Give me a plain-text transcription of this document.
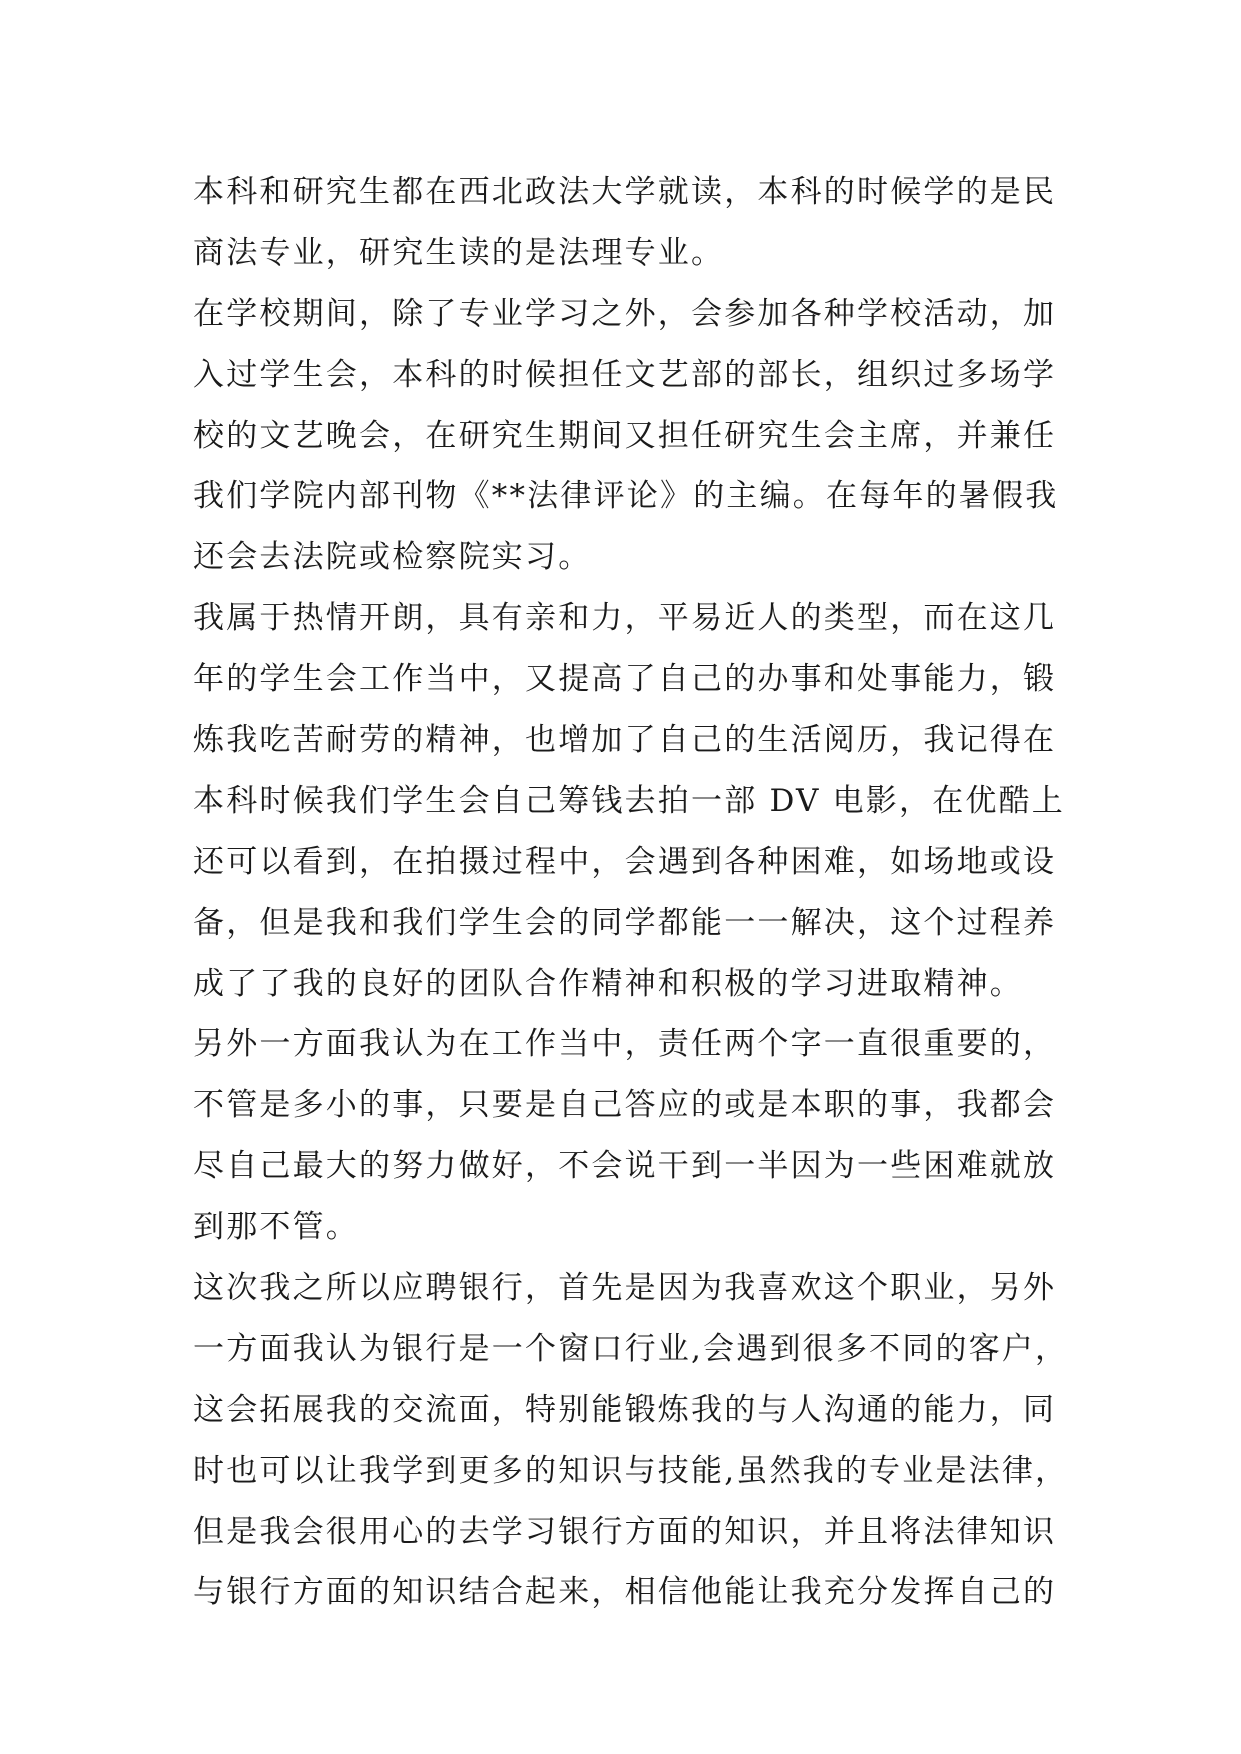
本科和研究生都在西北政法大学就读，本科的时候学的是民
商法专业，研究生读的是法理专业。
在学校期间，除了专业学习之外，会参加各种学校活动，加
入过学生会，本科的时候担任文艺部的部长，组织过多场学
校的文艺晚会，在研究生期间又担任研究生会主席，并兼任
我们学院内部刊物《**法律评论》的主编。在每年的暑假我
还会去法院或检察院实习。
我属于热情开朗，具有亲和力，平易近人的类型，而在这几
年的学生会工作当中，又提高了自己的办事和处事能力，锻
炼我吃苦耐劳的精神，也增加了自己的生活阅历，我记得在
本科时候我们学生会自己筹钱去拍一部 DV 电影，在优酷上
还可以看到，在拍摄过程中，会遇到各种困难，如场地或设
备，但是我和我们学生会的同学都能一一解决，这个过程养
成了了我的良好的团队合作精神和积极的学习进取精神。
另外一方面我认为在工作当中，责任两个字一直很重要的，
不管是多小的事，只要是自己答应的或是本职的事，我都会
尽自己最大的努力做好，不会说干到一半因为一些困难就放
到那不管。
这次我之所以应聘银行，首先是因为我喜欢这个职业，另外
一方面我认为银行是一个窗口行业,会遇到很多不同的客户，
这会拓展我的交流面，特别能锻炼我的与人沟通的能力，同
时也可以让我学到更多的知识与技能,虽然我的专业是法律，
但是我会很用心的去学习银行方面的知识，并且将法律知识
与银行方面的知识结合起来，相信他能让我充分发挥自己的
